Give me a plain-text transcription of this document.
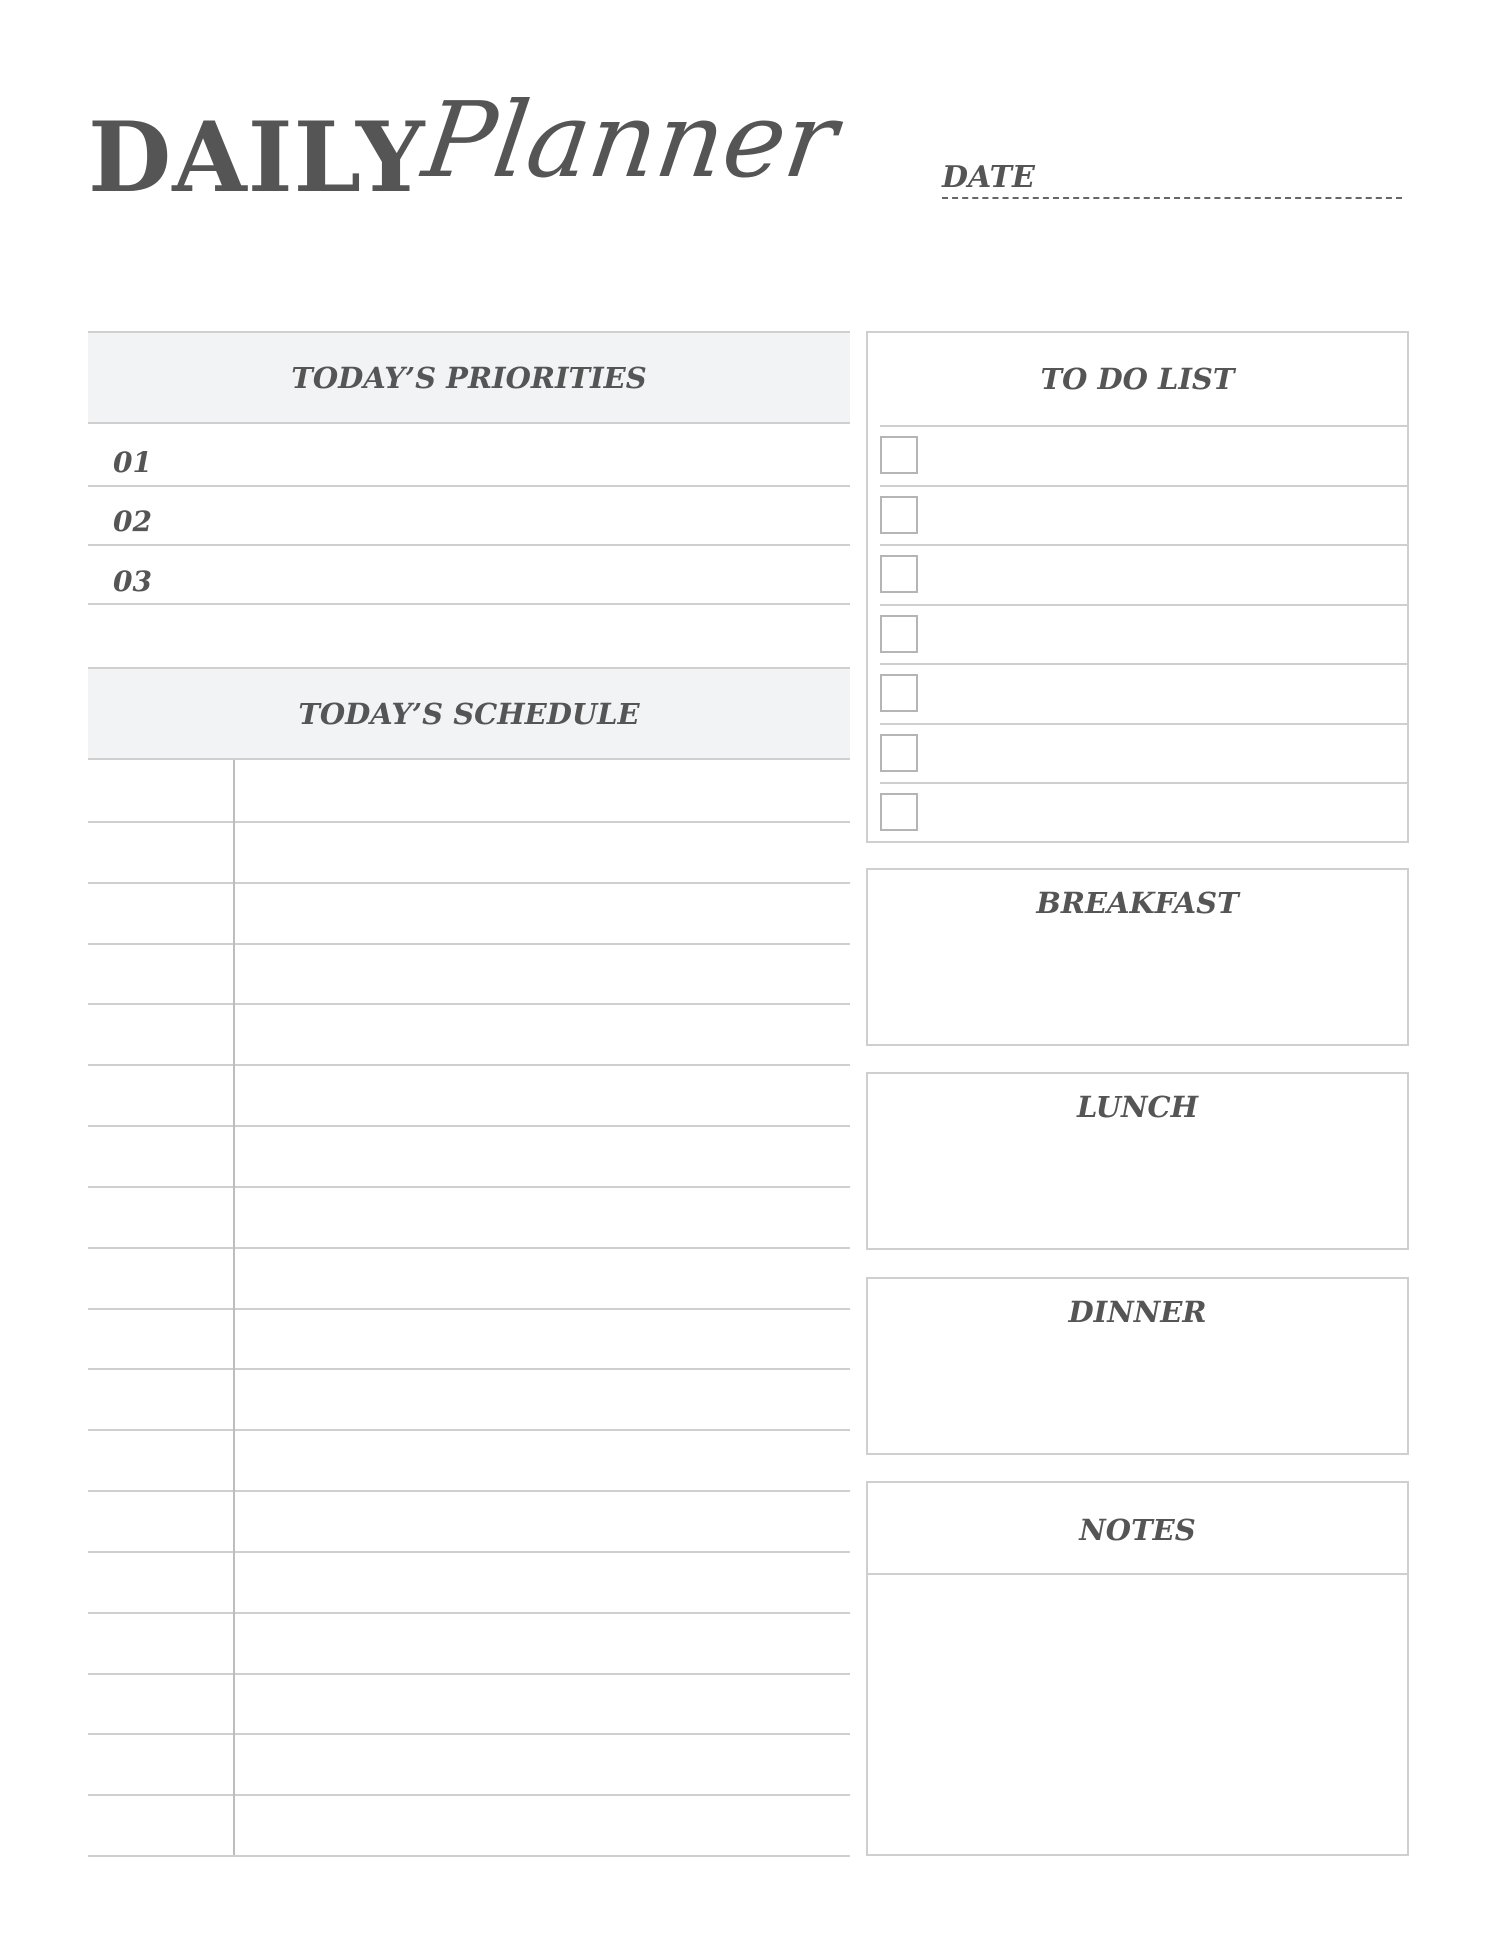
DAILY
Planner	DATE
TODAY’S PRIORITIES
01
02
03
TODAY’S SCHEDULE
TO DO LIST
BREAKFAST
LUNCH
DINNER
NOTES
